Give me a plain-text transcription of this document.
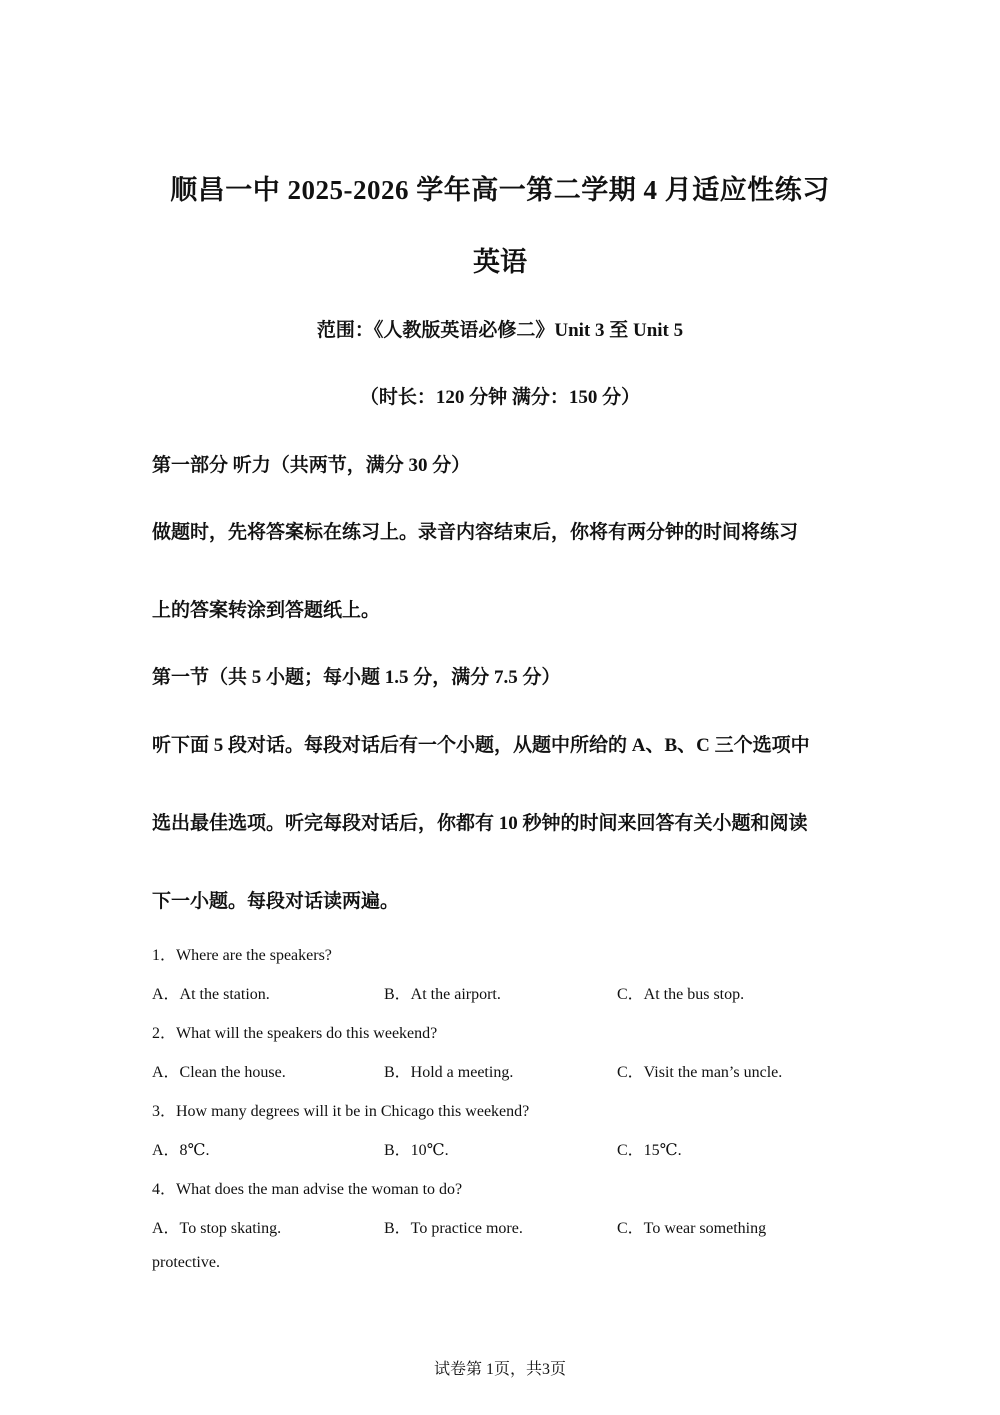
顺昌一中 2025-2026 学年高一第二学期 4 月适应性练习
英语
范围：《人教版英语必修二》Unit 3 至 Unit 5
（时长：120 分钟 满分：150 分）
第一部分 听力（共两节，满分 30 分）
做题时，先将答案标在练习上。录音内容结束后，你将有两分钟的时间将练习
上的答案转涂到答题纸上。
第一节（共 5 小题；每小题 1.5 分，满分 7.5 分）
听下面 5 段对话。每段对话后有一个小题，从题中所给的 A、B、C 三个选项中
选出最佳选项。听完每段对话后，你都有 10 秒钟的时间来回答有关小题和阅读
下一小题。每段对话读两遍。
1．Where are the speakers?
A．At the station.	B．At the airport.	C．At the bus stop.
2．What will the speakers do this weekend?
A．Clean the house.	B．Hold a meeting.	C．Visit the man’s uncle.
3．How many degrees will it be in Chicago this weekend?
A．8℃.	B．10℃.	C．15℃.
4．What does the man advise the woman to do?
A．To stop skating.	B．To practice more.	C．To wear something
protective.
试卷第 1页，共3页
